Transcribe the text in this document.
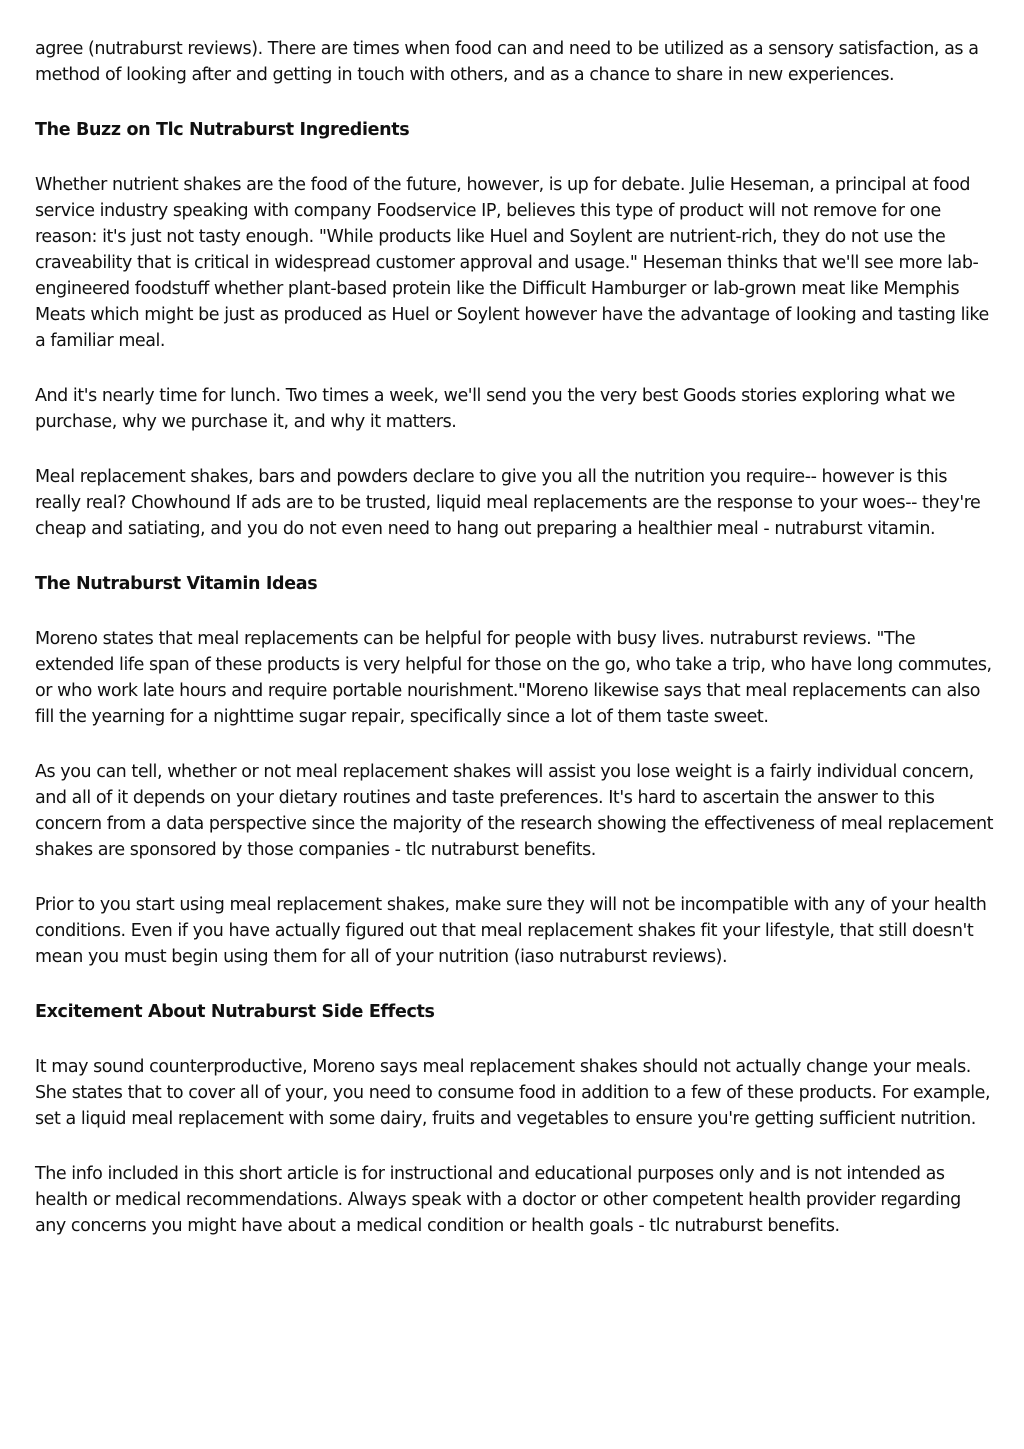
agree (nutraburst reviews). There are times when food can and need to be utilized as a sensory satisfaction, as a method of looking after and getting in touch with others, and as a chance to share in new experiences.

The Buzz on Tlc Nutraburst Ingredients

Whether nutrient shakes are the food of the future, however, is up for debate. Julie Heseman, a principal at food service industry speaking with company Foodservice IP, believes this type of product will not remove for one reason: it's just not tasty enough. "While products like Huel and Soylent are nutrient-rich, they do not use the craveability that is critical in widespread customer approval and usage." Heseman thinks that we'll see more lab-engineered foodstuff whether plant-based protein like the Difficult Hamburger or lab-grown meat like Memphis Meats which might be just as produced as Huel or Soylent however have the advantage of looking and tasting like a familiar meal.

And it's nearly time for lunch. Two times a week, we'll send you the very best Goods stories exploring what we purchase, why we purchase it, and why it matters.

Meal replacement shakes, bars and powders declare to give you all the nutrition you require-- however is this really real? Chowhound If ads are to be trusted, liquid meal replacements are the response to your woes-- they're cheap and satiating, and you do not even need to hang out preparing a healthier meal - nutraburst vitamin.

The Nutraburst Vitamin Ideas

Moreno states that meal replacements can be helpful for people with busy lives. nutraburst reviews. "The extended life span of these products is very helpful for those on the go, who take a trip, who have long commutes, or who work late hours and require portable nourishment."Moreno likewise says that meal replacements can also fill the yearning for a nighttime sugar repair, specifically since a lot of them taste sweet.

As you can tell, whether or not meal replacement shakes will assist you lose weight is a fairly individual concern, and all of it depends on your dietary routines and taste preferences. It's hard to ascertain the answer to this concern from a data perspective since the majority of the research showing the effectiveness of meal replacement shakes are sponsored by those companies - tlc nutraburst benefits.

Prior to you start using meal replacement shakes, make sure they will not be incompatible with any of your health conditions. Even if you have actually figured out that meal replacement shakes fit your lifestyle, that still doesn't mean you must begin using them for all of your nutrition (iaso nutraburst reviews).

Excitement About Nutraburst Side Effects

It may sound counterproductive, Moreno says meal replacement shakes should not actually change your meals. She states that to cover all of your, you need to consume food in addition to a few of these products. For example, set a liquid meal replacement with some dairy, fruits and vegetables to ensure you're getting sufficient nutrition.

The info included in this short article is for instructional and educational purposes only and is not intended as health or medical recommendations. Always speak with a doctor or other competent health provider regarding any concerns you might have about a medical condition or health goals - tlc nutraburst benefits.
